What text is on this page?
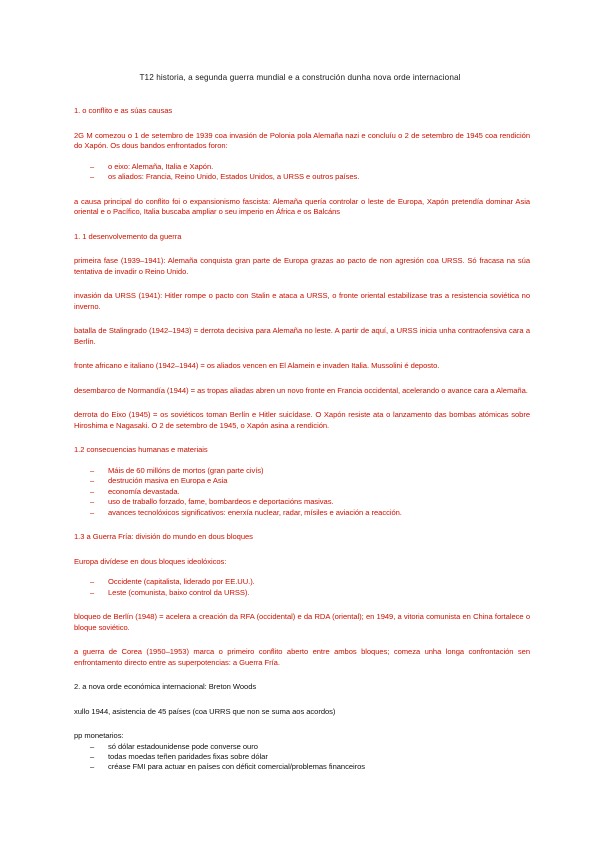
T12 historia, a segunda guerra mundial e a construción dunha nova orde internacional

1. o conflito e as súas causas

2G M comezou o 1 de setembro de 1939 coa invasión de Polonia pola Alemaña nazi e concluíu o 2 de setembro de 1945 coa rendición do Xapón. Os dous bandos enfrontados foron:

– o eixo: Alemaña, Italia e Xapón.
– os aliados: Francia, Reino Unido, Estados Unidos, a URSS e outros países.

a causa principal do conflito foi o expansionismo fascista: Alemaña quería controlar o leste de Europa, Xapón pretendía dominar Asia oriental e o Pacífico, Italia buscaba ampliar o seu imperio en África e os Balcáns

1. 1 desenvolvemento da guerra

primeira fase (1939–1941): Alemaña conquista gran parte de Europa grazas ao pacto de non agresión coa URSS. Só fracasa na súa tentativa de invadir o Reino Unido.

invasión da URSS (1941): Hitler rompe o pacto con Stalin e ataca a URSS, o fronte oriental estabilízase tras a resistencia soviética no inverno.

batalla de Stalingrado (1942–1943) = derrota decisiva para Alemaña no leste. A partir de aquí, a URSS inicia unha contraofensiva cara a Berlín.

fronte africano e italiano (1942–1944) = os aliados vencen en El Alamein e invaden Italia. Mussolini é deposto.

desembarco de Normandía (1944) = as tropas aliadas abren un novo fronte en Francia occidental, acelerando o avance cara a Alemaña.

derrota do Eixo (1945) = os soviéticos toman Berlín e Hitler suicídase. O Xapón resiste ata o lanzamento das bombas atómicas sobre Hiroshima e Nagasaki. O 2 de setembro de 1945, o Xapón asina a rendición.

1.2 consecuencias humanas e materiais

– Máis de 60 millóns de mortos (gran parte civís)
– destrución masiva en Europa e Asia
– economía devastada.
– uso de traballo forzado, fame, bombardeos e deportacións masivas.
– avances tecnolóxicos significativos: enerxía nuclear, radar, mísiles e aviación a reacción.

1.3 a Guerra Fría: división do mundo en dous bloques

Europa divídese en dous bloques ideolóxicos:

– Occidente (capitalista, liderado por EE.UU.).
– Leste (comunista, baixo control da URSS).

bloqueo de Berlín (1948) = acelera a creación da RFA (occidental) e da RDA (oriental); en 1949, a vitoria comunista en China fortalece o bloque soviético.

a guerra de Corea (1950–1953) marca o primeiro conflito aberto entre ambos bloques; comeza unha longa confrontación sen enfrontamento directo entre as superpotencias: a Guerra Fría.

2. a nova orde económica internacional: Breton Woods

xullo 1944, asistencia de 45 países (coa URRS que non se suma aos acordos)

pp monetarios:

– só dólar estadounidense pode converse ouro
– todas moedas teñen paridades fixas sobre dólar
– créase FMI para actuar en países con déficit comercial/problemas financeiros
